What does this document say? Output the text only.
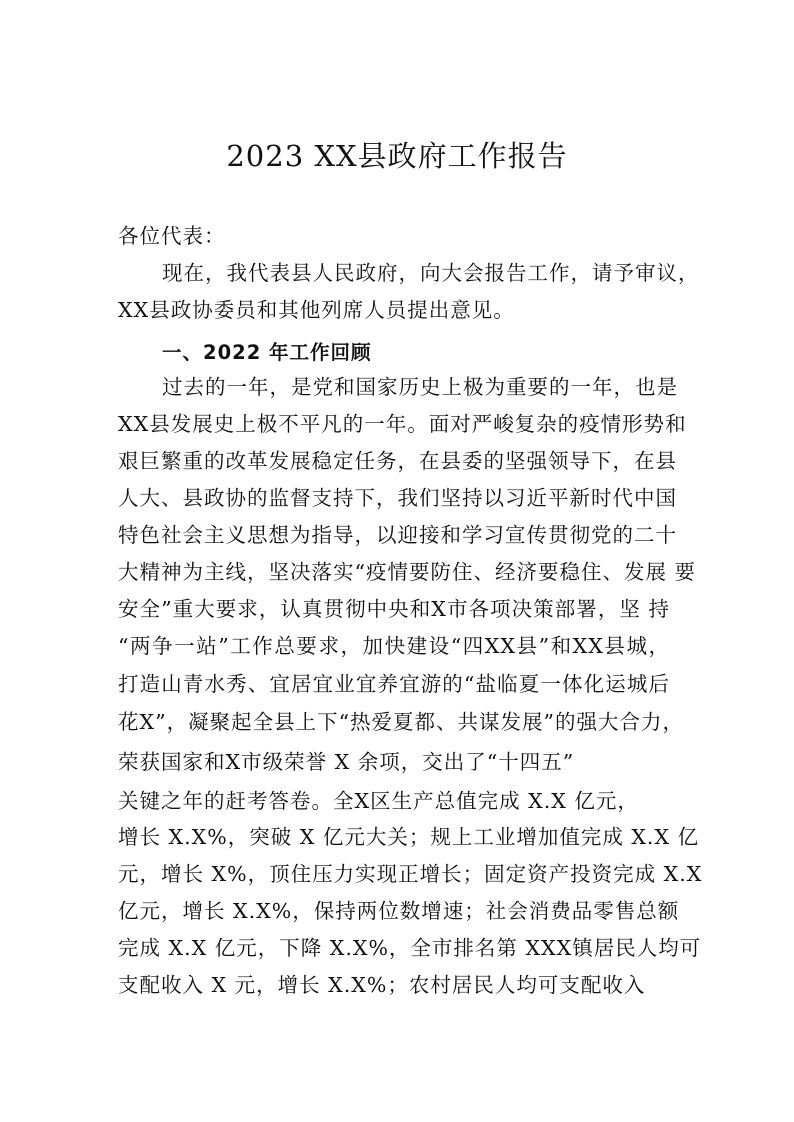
2023 XX县政府工作报告
各位代表：
现在，我代表县人民政府，向大会报告工作，请予审议，
XX县政协委员和其他列席人员提出意见。
一、2022 年工作回顾
过去的一年，是党和国家历史上极为重要的一年，也是
XX县发展史上极不平凡的一年。面对严峻复杂的疫情形势和
艰巨繁重的改革发展稳定任务，在县委的坚强领导下，在县
人大、县政协的监督支持下，我们坚持以习近平新时代中国
特色社会主义思想为指导，以迎接和学习宣传贯彻党的二十
大精神为主线，坚决落实“疫情要防住、经济要稳住、发展 要
安全”重大要求，认真贯彻中央和X市各项决策部署，坚 持
“两争一站”工作总要求，加快建设“四XX县”和XX县城，
打造山青水秀、宜居宜业宜养宜游的“盐临夏一体化运城后
花X”，凝聚起全县上下“热爱夏都、共谋发展”的强大合力，
荣获国家和X市级荣誉 X 余项，交出了“十四五”
关键之年的赶考答卷。全X区生产总值完成 X.X 亿元，
增长 X.X%，突破 X 亿元大关；规上工业增加值完成 X.X 亿
元，增长 X%，顶住压力实现正增长；固定资产投资完成 X.X
亿元，增长 X.X%，保持两位数增速；社会消费品零售总额
完成 X.X 亿元，下降 X.X%，全市排名第 XXX镇居民人均可
支配收入 X 元，增长 X.X%；农村居民人均可支配收入
